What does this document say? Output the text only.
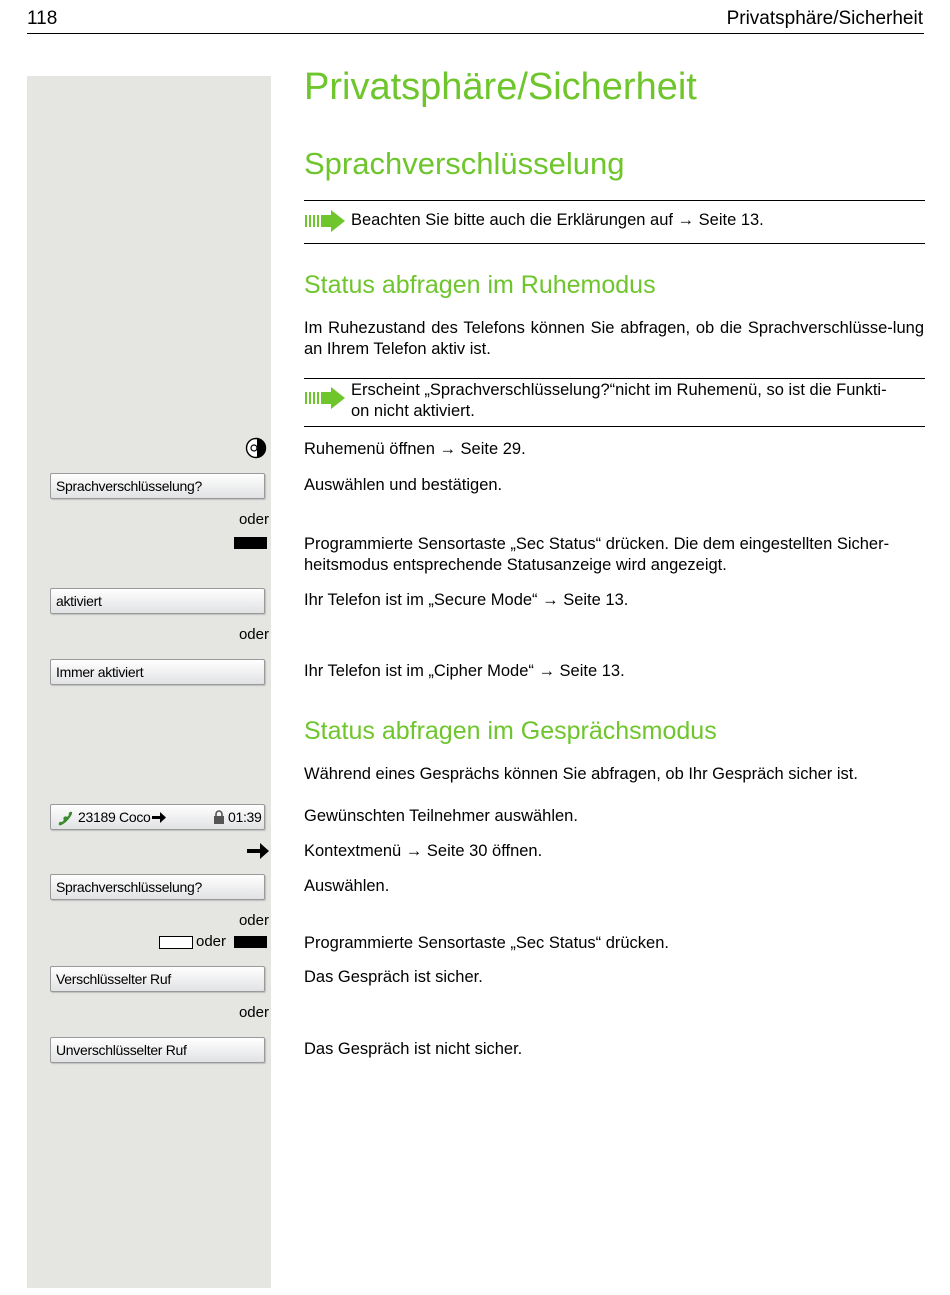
118	Privatsphäre/Sicherheit
Privatsphäre/Sicherheit
Sprachverschlüsselung
Beachten Sie bitte auch die Erklärungen auf → Seite 13.
Status abfragen im Ruhemodus
Im Ruhezustand des Telefons können Sie abfragen, ob die Sprachverschlüsse-lung an Ihrem Telefon aktiv ist.
Erscheint „Sprachverschlüsselung?“nicht im Ruhemenü, so ist die Funkti-
on nicht aktiviert.
Ruhemenü öffnen → Seite 29.
Sprachverschlüsselung?	Auswählen und bestätigen.
oder
Programmierte Sensortaste „Sec Status“ drücken. Die dem eingestellten Sicher-
heitsmodus entsprechende Statusanzeige wird angezeigt.
aktiviert	Ihr Telefon ist im „Secure Mode“ → Seite 13.
oder
Immer aktiviert	Ihr Telefon ist im „Cipher Mode“ → Seite 13.
Status abfragen im Gesprächsmodus
Während eines Gesprächs können Sie abfragen, ob Ihr Gespräch sicher ist.
23189 Coco	01:39	Gewünschten Teilnehmer auswählen.
Kontextmenü → Seite 30 öffnen.
Sprachverschlüsselung?	Auswählen.
oder
oder	Programmierte Sensortaste „Sec Status“ drücken.
Verschlüsselter Ruf	Das Gespräch ist sicher.
oder
Unverschlüsselter Ruf	Das Gespräch ist nicht sicher.
